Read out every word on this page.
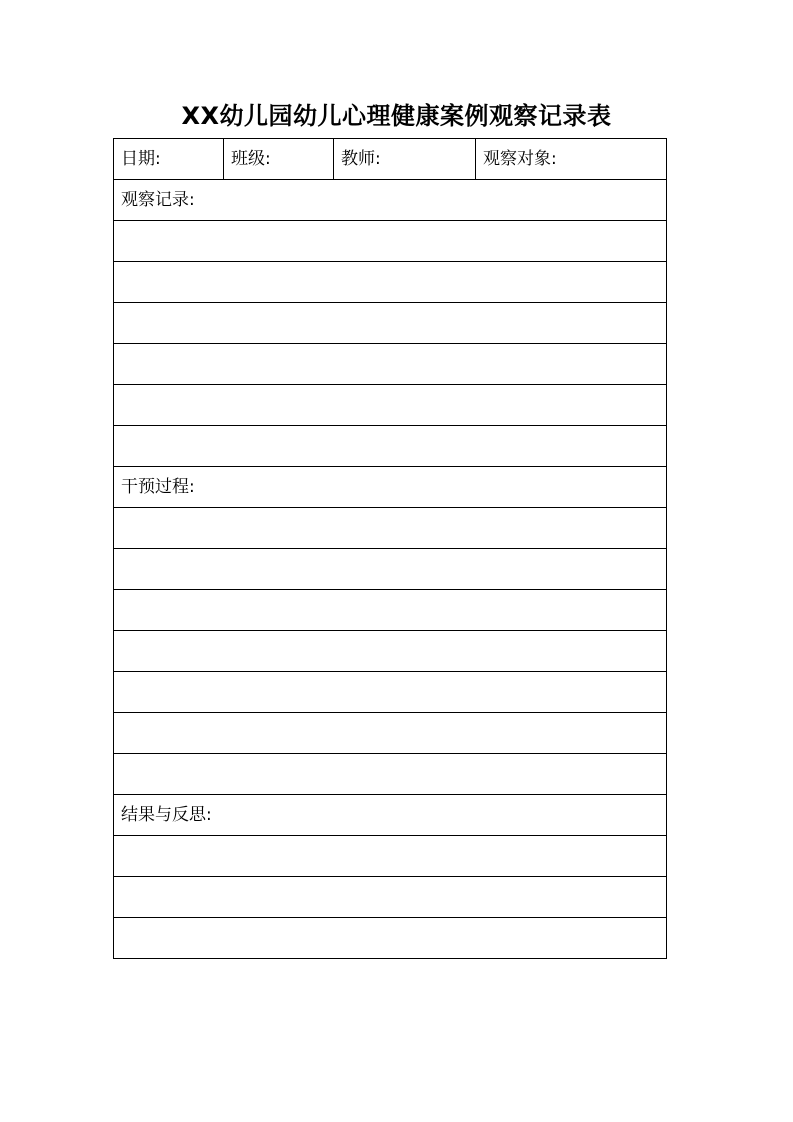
XX幼儿园幼儿心理健康案例观察记录表
日期:	班级:	教师:	观察对象:
观察记录:

干预过程:

结果与反思:
